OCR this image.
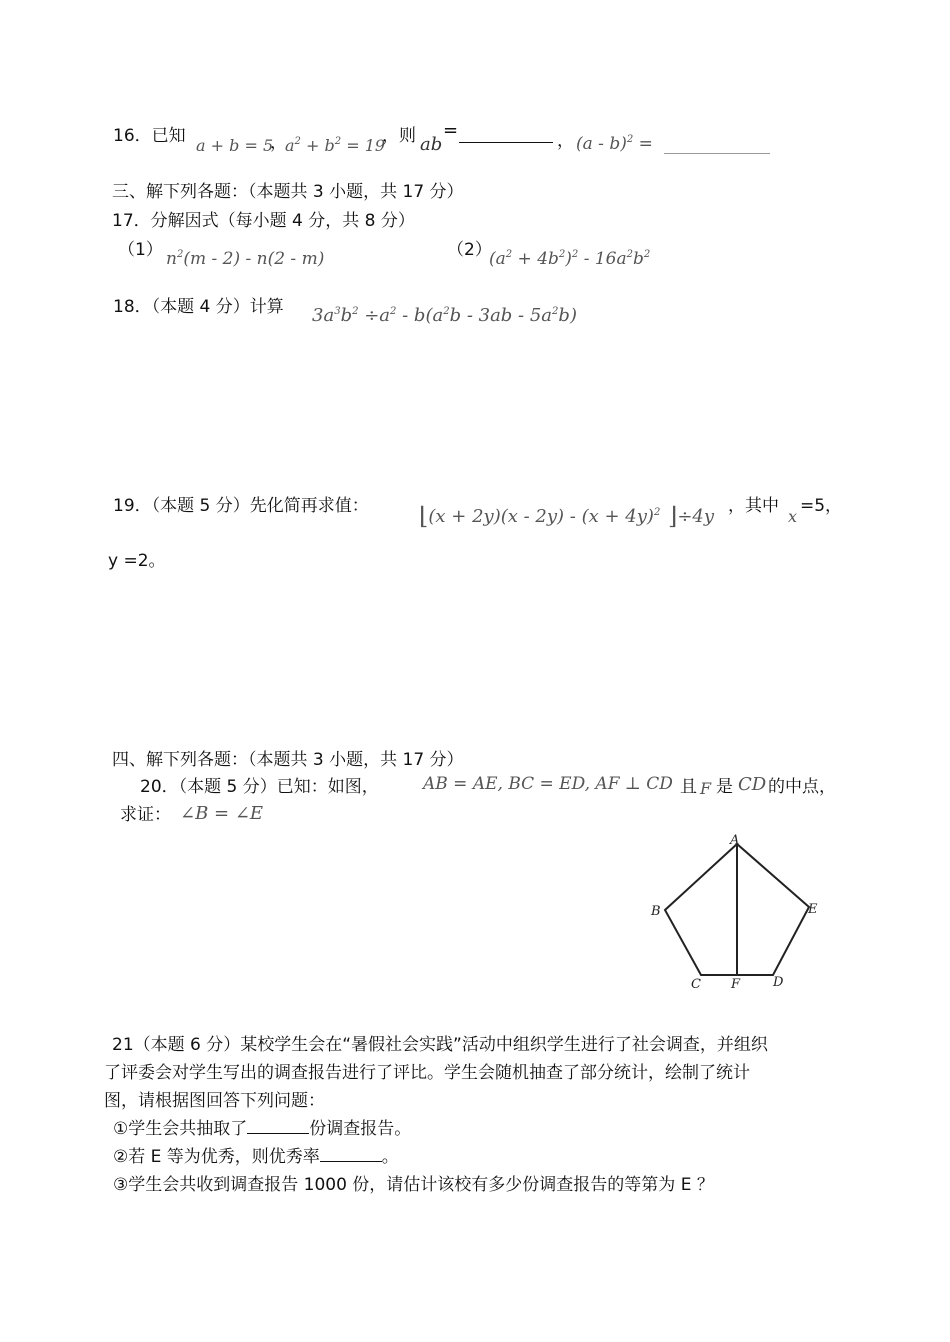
16．已知 a + b = 5
，
$a^2 + b^2 = 19$
，则 ab
=	， (a - b)$^2$ =
三、解下列各题：（本题共 3 小题，共 17 分）
17．分解因式（每小题 4 分，共 8 分）
（1） $n^2(m - 2) - n(2 - m)$	（2）
$(a^2 + 4b^2)^2 - 16a^2b^2$
18．（本题 4 分）计算 $3a^3b^2 \div a^2 - b(a^2b - 3ab - 5a^2b)$
19．（本题 5 分）先化简再求值： ⌊(x + $2y)(x - 2y) - (x + 4y)^2$ ⌋÷4y ，其中
x
=5，
y =2。
四、解下列各题：（本题共 3 小题，共 17 分）
20．（本题 5 分）已知：如图，	AB = AE, BC = ED, AF ⊥ CD 且 F 是 CD 的中点，
求证： ∠B = ∠E
A
B
C F	D
E
21（本题 6 分）某校学生会在“暑假社会实践”活动中组织学生进行了社会调查，并组织
了评委会对学生写出的调查报告进行了评比。学生会随机抽查了部分统计，绘制了统计
图，请根据图回答下列问题：
①学生会共抽取了	份调查报告。
②若 E 等为优秀，则优秀率	。
③学生会共收到调查报告 1000 份，请估计该校有多少份调查报告的等第为 E ？
